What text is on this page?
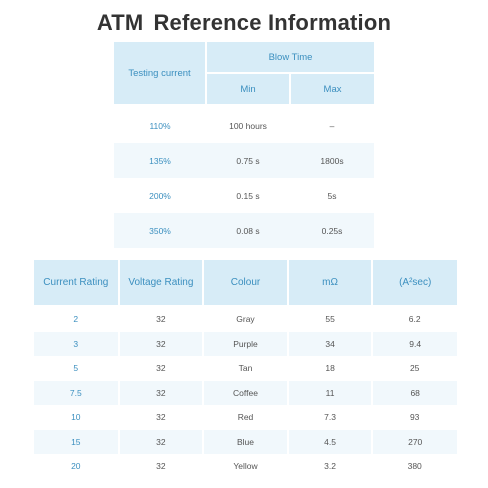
ATM Reference Information
Testing current	Blow Time	
	Min	Max

110%	100 hours	–
135%	0.75 s	1800s
200%	0.15 s	5s
350%	0.08 s	0.25s
Current Rating	Voltage Rating	Colour	mΩ	(A²sec)

2	32	Gray	55	6.2
3	32	Purple	34	9.4
5	32	Tan	18	25
7.5	32	Coffee	11	68
10	32	Red	7.3	93
15	32	Blue	4.5	270
20	32	Yellow	3.2	380
